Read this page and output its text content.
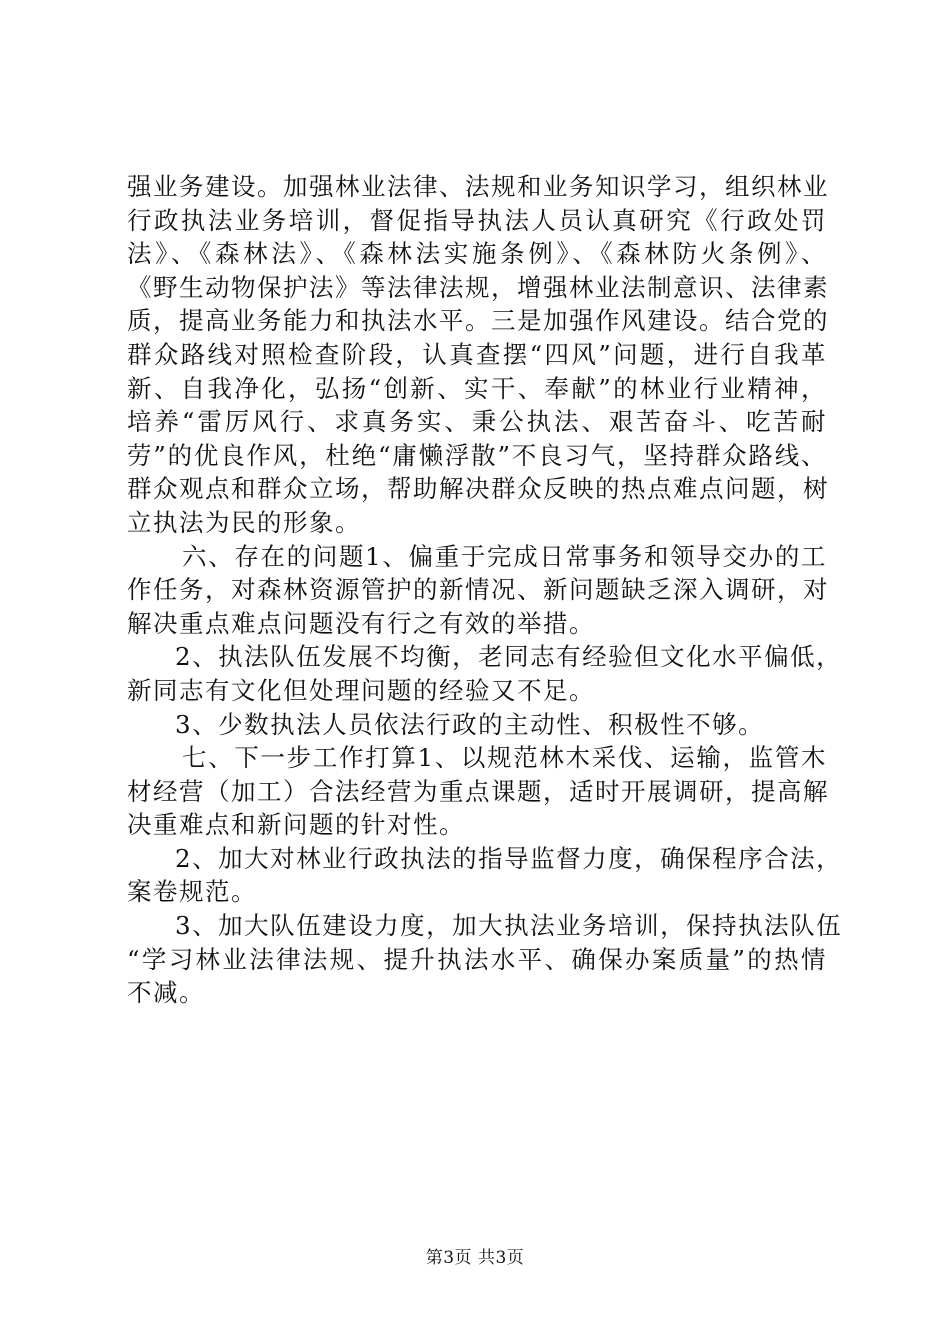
强业务建设。加强林业法律、法规和业务知识学习，组织林业
行政执法业务培训，督促指导执法人员认真研究《行政处罚
法》、《森林法》、《森林法实施条例》、《森林防火条例》、
《野生动物保护法》等法律法规，增强林业法制意识、法律素
质，提高业务能力和执法水平。三是加强作风建设。结合党的
群众路线对照检查阶段，认真查摆“四风”问题，进行自我革
新、自我净化，弘扬“创新、实干、奉献”的林业行业精神，
培养“雷厉风行、求真务实、秉公执法、艰苦奋斗、吃苦耐
劳”的优良作风，杜绝“庸懒浮散”不良习气，坚持群众路线、
群众观点和群众立场，帮助解决群众反映的热点难点问题，树
立执法为民的形象。
六、存在的问题1、偏重于完成日常事务和领导交办的工
作任务，对森林资源管护的新情况、新问题缺乏深入调研，对
解决重点难点问题没有行之有效的举措。
2、执法队伍发展不均衡，老同志有经验但文化水平偏低，
新同志有文化但处理问题的经验又不足。
3、少数执法人员依法行政的主动性、积极性不够。
七、下一步工作打算1、以规范林木采伐、运输，监管木
材经营（加工）合法经营为重点课题，适时开展调研，提高解
决重难点和新问题的针对性。
2、加大对林业行政执法的指导监督力度，确保程序合法，
案卷规范。
3、加大队伍建设力度，加大执法业务培训，保持执法队伍
“学习林业法律法规、提升执法水平、确保办案质量”的热情
不减。
第3页 共3页
